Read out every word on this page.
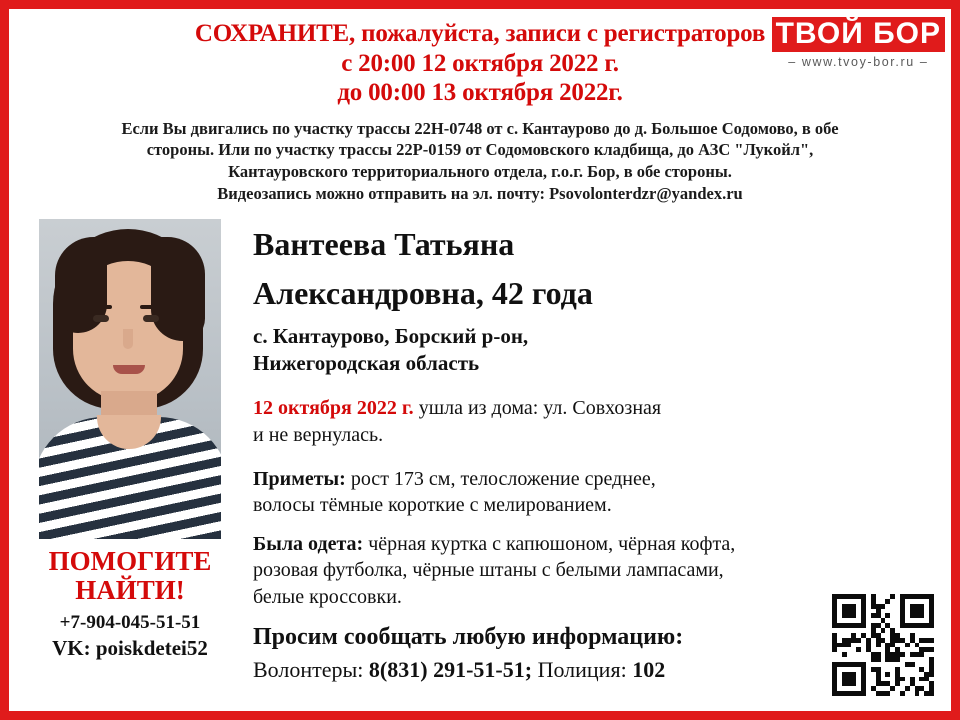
ТВОЙ БОР
– www.tvoy-bor.ru –
СОХРАНИТЕ, пожалуйста, записи с регистраторов
с 20:00 12 октября 2022 г.
до 00:00 13 октября 2022г.
Если Вы двигались по участку трассы 22Н-0748 от с. Кантаурово до д. Большое Содомово, в обе
стороны. Или по участку трассы 22Р-0159 от Содомовского кладбища, до АЗС "Лукойл",
Кантауровского территориального отдела, г.о.г. Бор, в обе стороны.
Видеозапись можно отправить на эл. почту: Psovolonterdzr@yandex.ru
ПОМОГИТЕ
НАЙТИ!
+7-904-045-51-51
VK: poiskdetei52
Вантеева Татьяна
Александровна, 42 года
с. Кантаурово, Борский р-он,
Нижегородская область
12 октября 2022 г. ушла из дома: ул. Совхозная
и не вернулась.
Приметы: рост 173 см, телосложение среднее,
волосы тёмные короткие с мелированием.
Была одета: чёрная куртка с капюшоном, чёрная кофта,
розовая футболка, чёрные штаны с белыми лампасами,
белые кроссовки.
Просим сообщать любую информацию:
Волонтеры: 8(831) 291-51-51; Полиция: 102
